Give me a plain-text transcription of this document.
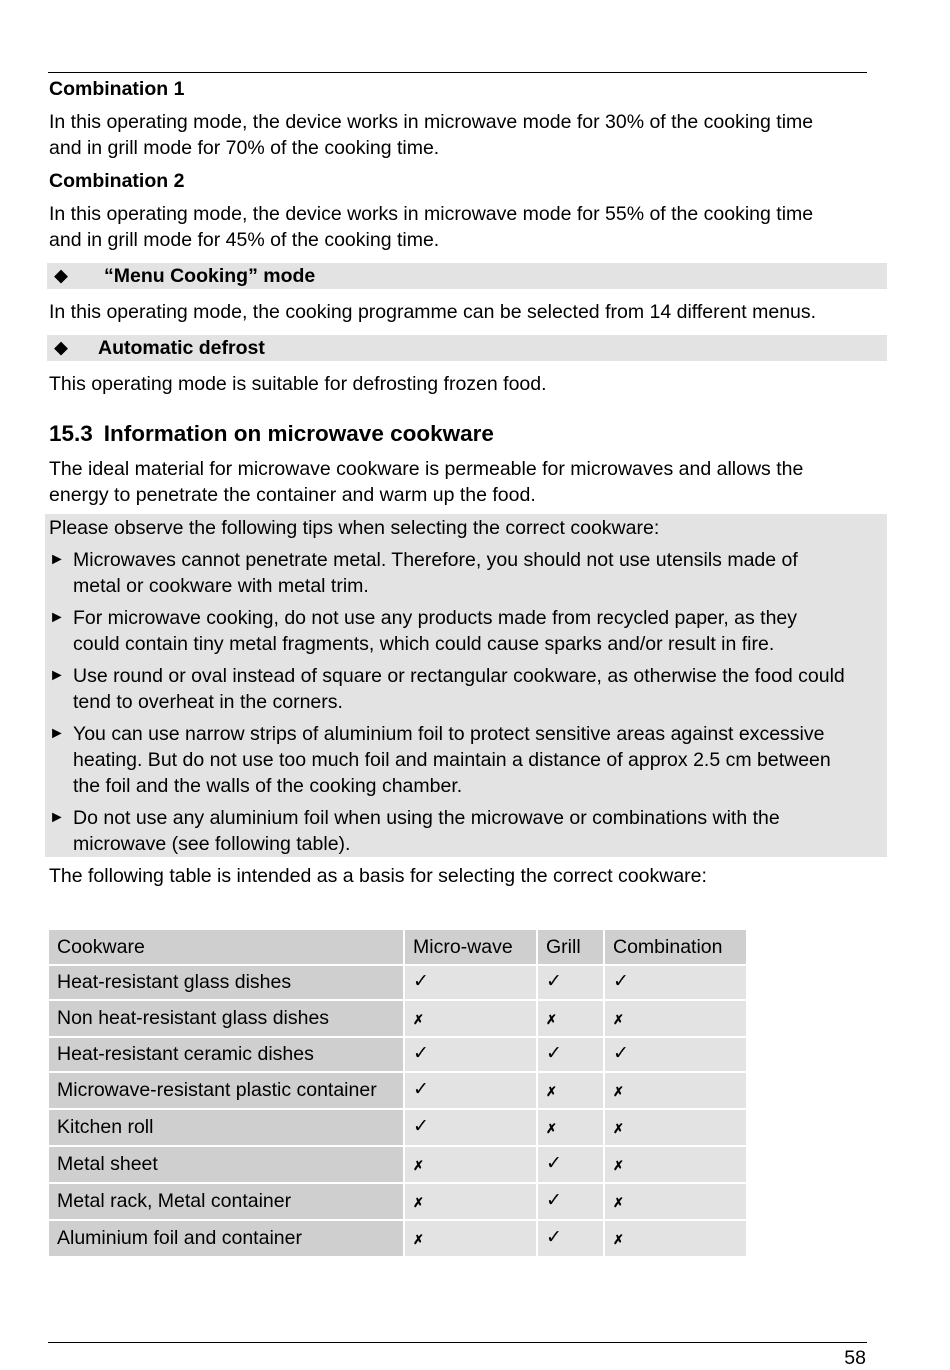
Combination 1

In this operating mode, the device works in microwave mode for 30% of the cooking time
and in grill mode for 70% of the cooking time.

Combination 2

In this operating mode, the device works in microwave mode for 55% of the cooking time
and in grill mode for 45% of the cooking time.

◆ “Menu Cooking” mode

In this operating mode, the cooking programme can be selected from 14 different menus.

◆ Automatic defrost

This operating mode is suitable for defrosting frozen food.

15.3 Information on microwave cookware

The ideal material for microwave cookware is permeable for microwaves and allows the
energy to penetrate the container and warm up the food.

Please observe the following tips when selecting the correct cookware:

► Microwaves cannot penetrate metal. Therefore, you should not use utensils made of
metal or cookware with metal trim.
► For microwave cooking, do not use any products made from recycled paper, as they
could contain tiny metal fragments, which could cause sparks and/or result in fire.
► Use round or oval instead of square or rectangular cookware, as otherwise the food could
tend to overheat in the corners.
► You can use narrow strips of aluminium foil to protect sensitive areas against excessive
heating. But do not use too much foil and maintain a distance of approx 2.5 cm between
the foil and the walls of the cooking chamber.
► Do not use any aluminium foil when using the microwave or combinations with the
microwave (see following table).

The following table is intended as a basis for selecting the correct cookware:

Cookware	Micro-wave	Grill	Combination
Heat-resistant glass dishes	✓	✓	✓
Non heat-resistant glass dishes	✗	✗	✗
Heat-resistant ceramic dishes	✓	✓	✓
Microwave-resistant plastic container	✓	✗	✗
Kitchen roll	✓	✗	✗
Metal sheet	✗	✓	✗
Metal rack, Metal container	✗	✓	✗
Aluminium foil and container	✗	✓	✗
58
